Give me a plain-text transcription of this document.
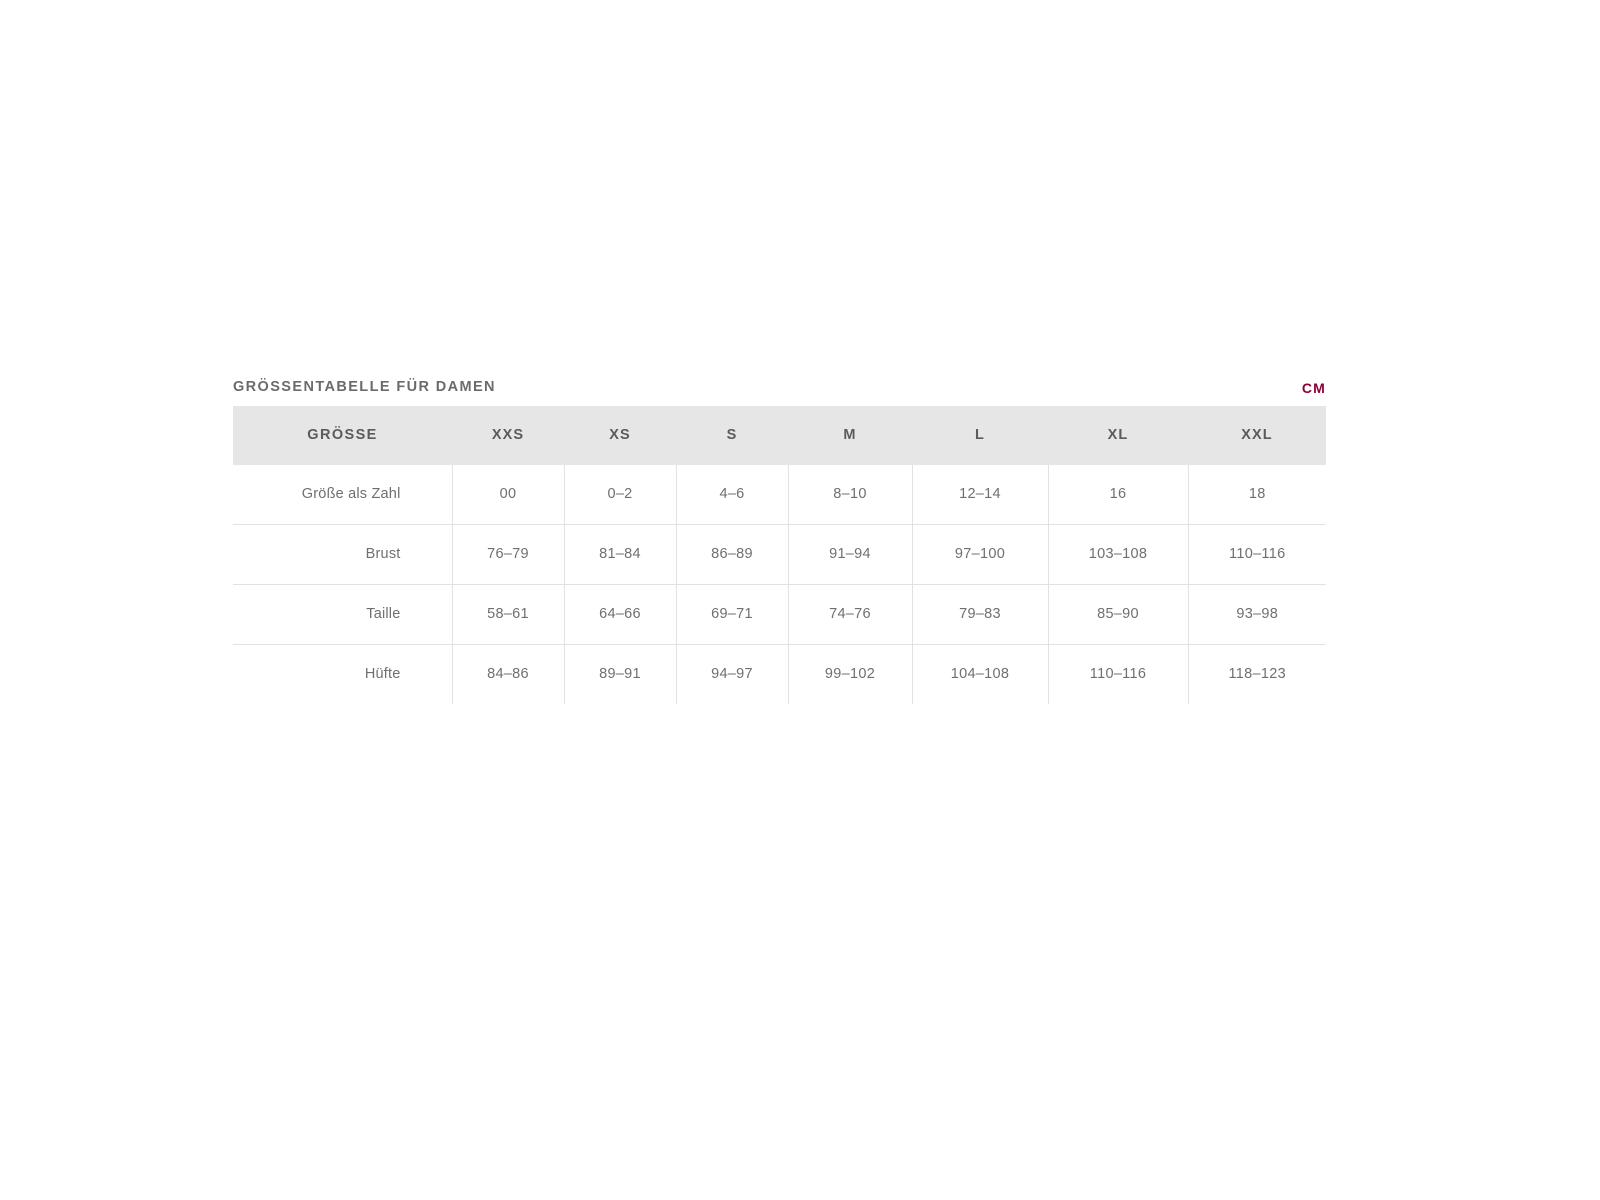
GRÖSSENTABELLE FÜR DAMEN	CM
GRÖSSE	XXS	XS	S	M	L	XL	XXL
Größe als Zahl	00	0–2	4–6	8–10	12–14	16	18
Brust	76–79	81–84	86–89	91–94	97–100	103–108	110–116
Taille	58–61	64–66	69–71	74–76	79–83	85–90	93–98
Hüfte	84–86	89–91	94–97	99–102	104–108	110–116	118–123
